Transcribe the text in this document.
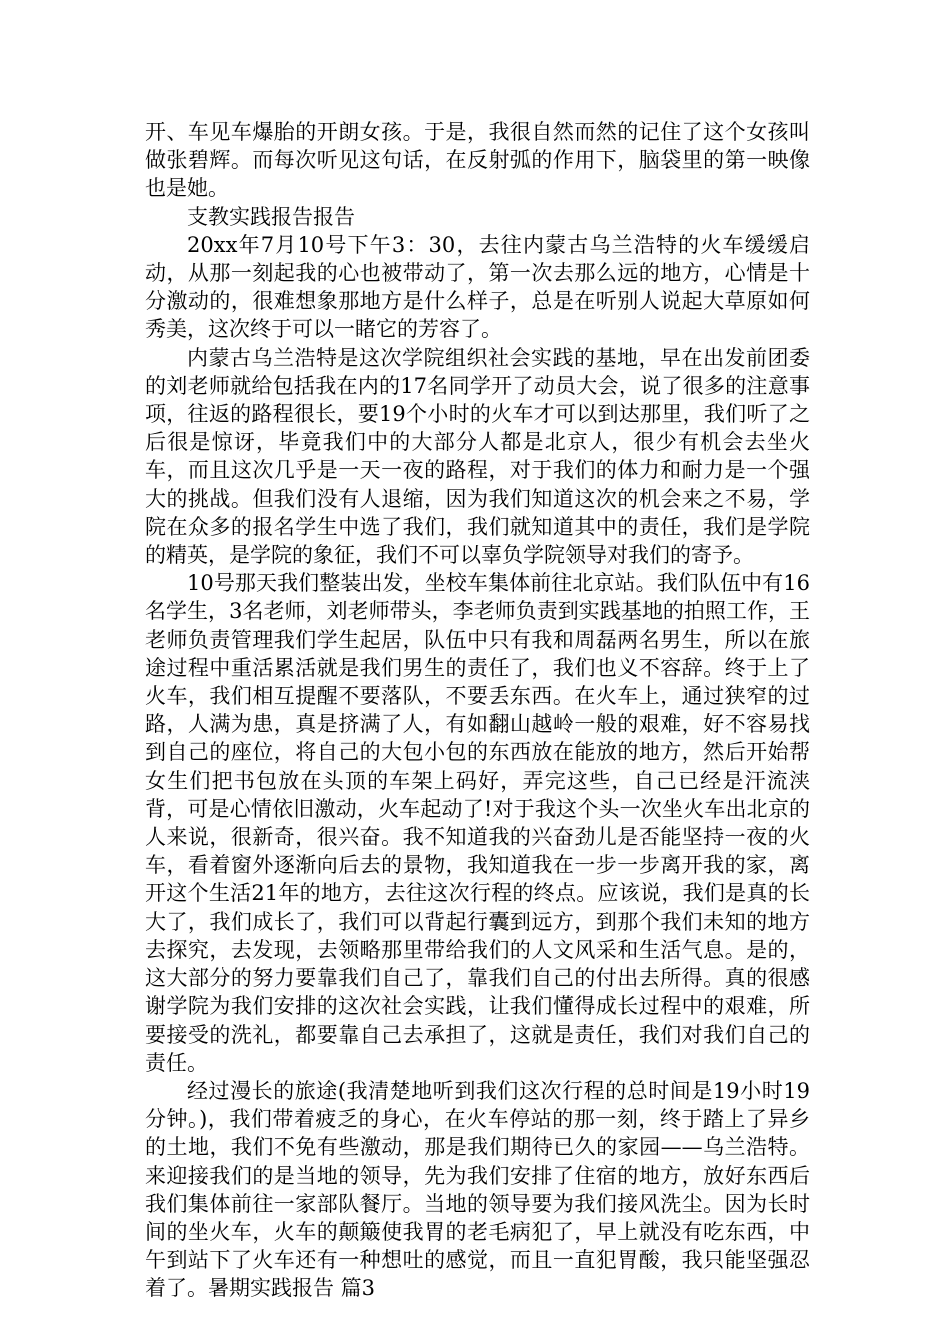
开、车见车爆胎的开朗女孩。于是，我很自然而然的记住了这个女孩叫做张碧辉。而每次听见这句话，在反射弧的作用下，脑袋里的第一映像也是她。

支教实践报告报告

20xx年7月10号下午3：30，去往内蒙古乌兰浩特的火车缓缓启动，从那一刻起我的心也被带动了，第一次去那么远的地方，心情是十分激动的，很难想象那地方是什么样子，总是在听别人说起大草原如何秀美，这次终于可以一睹它的芳容了。

内蒙古乌兰浩特是这次学院组织社会实践的基地，早在出发前团委的刘老师就给包括我在内的17名同学开了动员大会，说了很多的注意事项，往返的路程很长，要19个小时的火车才可以到达那里，我们听了之后很是惊讶，毕竟我们中的大部分人都是北京人，很少有机会去坐火车，而且这次几乎是一天一夜的路程，对于我们的体力和耐力是一个强大的挑战。但我们没有人退缩，因为我们知道这次的机会来之不易，学院在众多的报名学生中选了我们，我们就知道其中的责任，我们是学院的精英，是学院的象征，我们不可以辜负学院领导对我们的寄予。

10号那天我们整装出发，坐校车集体前往北京站。我们队伍中有16名学生，3名老师，刘老师带头，李老师负责到实践基地的拍照工作，王老师负责管理我们学生起居，队伍中只有我和周磊两名男生，所以在旅途过程中重活累活就是我们男生的责任了，我们也义不容辞。终于上了火车，我们相互提醒不要落队，不要丢东西。在火车上，通过狭窄的过路，人满为患，真是挤满了人，有如翻山越岭一般的艰难，好不容易找到自己的座位，将自己的大包小包的东西放在能放的地方，然后开始帮女生们把书包放在头顶的车架上码好，弄完这些，自己已经是汗流浃背，可是心情依旧激动，火车起动了!对于我这个头一次坐火车出北京的人来说，很新奇，很兴奋。我不知道我的兴奋劲儿是否能坚持一夜的火车，看着窗外逐渐向后去的景物，我知道我在一步一步离开我的家，离开这个生活21年的地方，去往这次行程的终点。应该说，我们是真的长大了，我们成长了，我们可以背起行囊到远方，到那个我们未知的地方去探究，去发现，去领略那里带给我们的人文风采和生活气息。是的，这大部分的努力要靠我们自己了，靠我们自己的付出去所得。真的很感谢学院为我们安排的这次社会实践，让我们懂得成长过程中的艰难，所要接受的洗礼，都要靠自己去承担了，这就是责任，我们对我们自己的责任。

经过漫长的旅途(我清楚地听到我们这次行程的总时间是19小时19分钟。)，我们带着疲乏的身心，在火车停站的那一刻，终于踏上了异乡的土地，我们不免有些激动，那是我们期待已久的家园——乌兰浩特。来迎接我们的是当地的领导，先为我们安排了住宿的地方，放好东西后我们集体前往一家部队餐厅。当地的领导要为我们接风洗尘。因为长时间的坐火车，火车的颠簸使我胃的老毛病犯了，早上就没有吃东西，中午到站下了火车还有一种想吐的感觉，而且一直犯胃酸，我只能坚强忍着了。暑期实践报告 篇3
